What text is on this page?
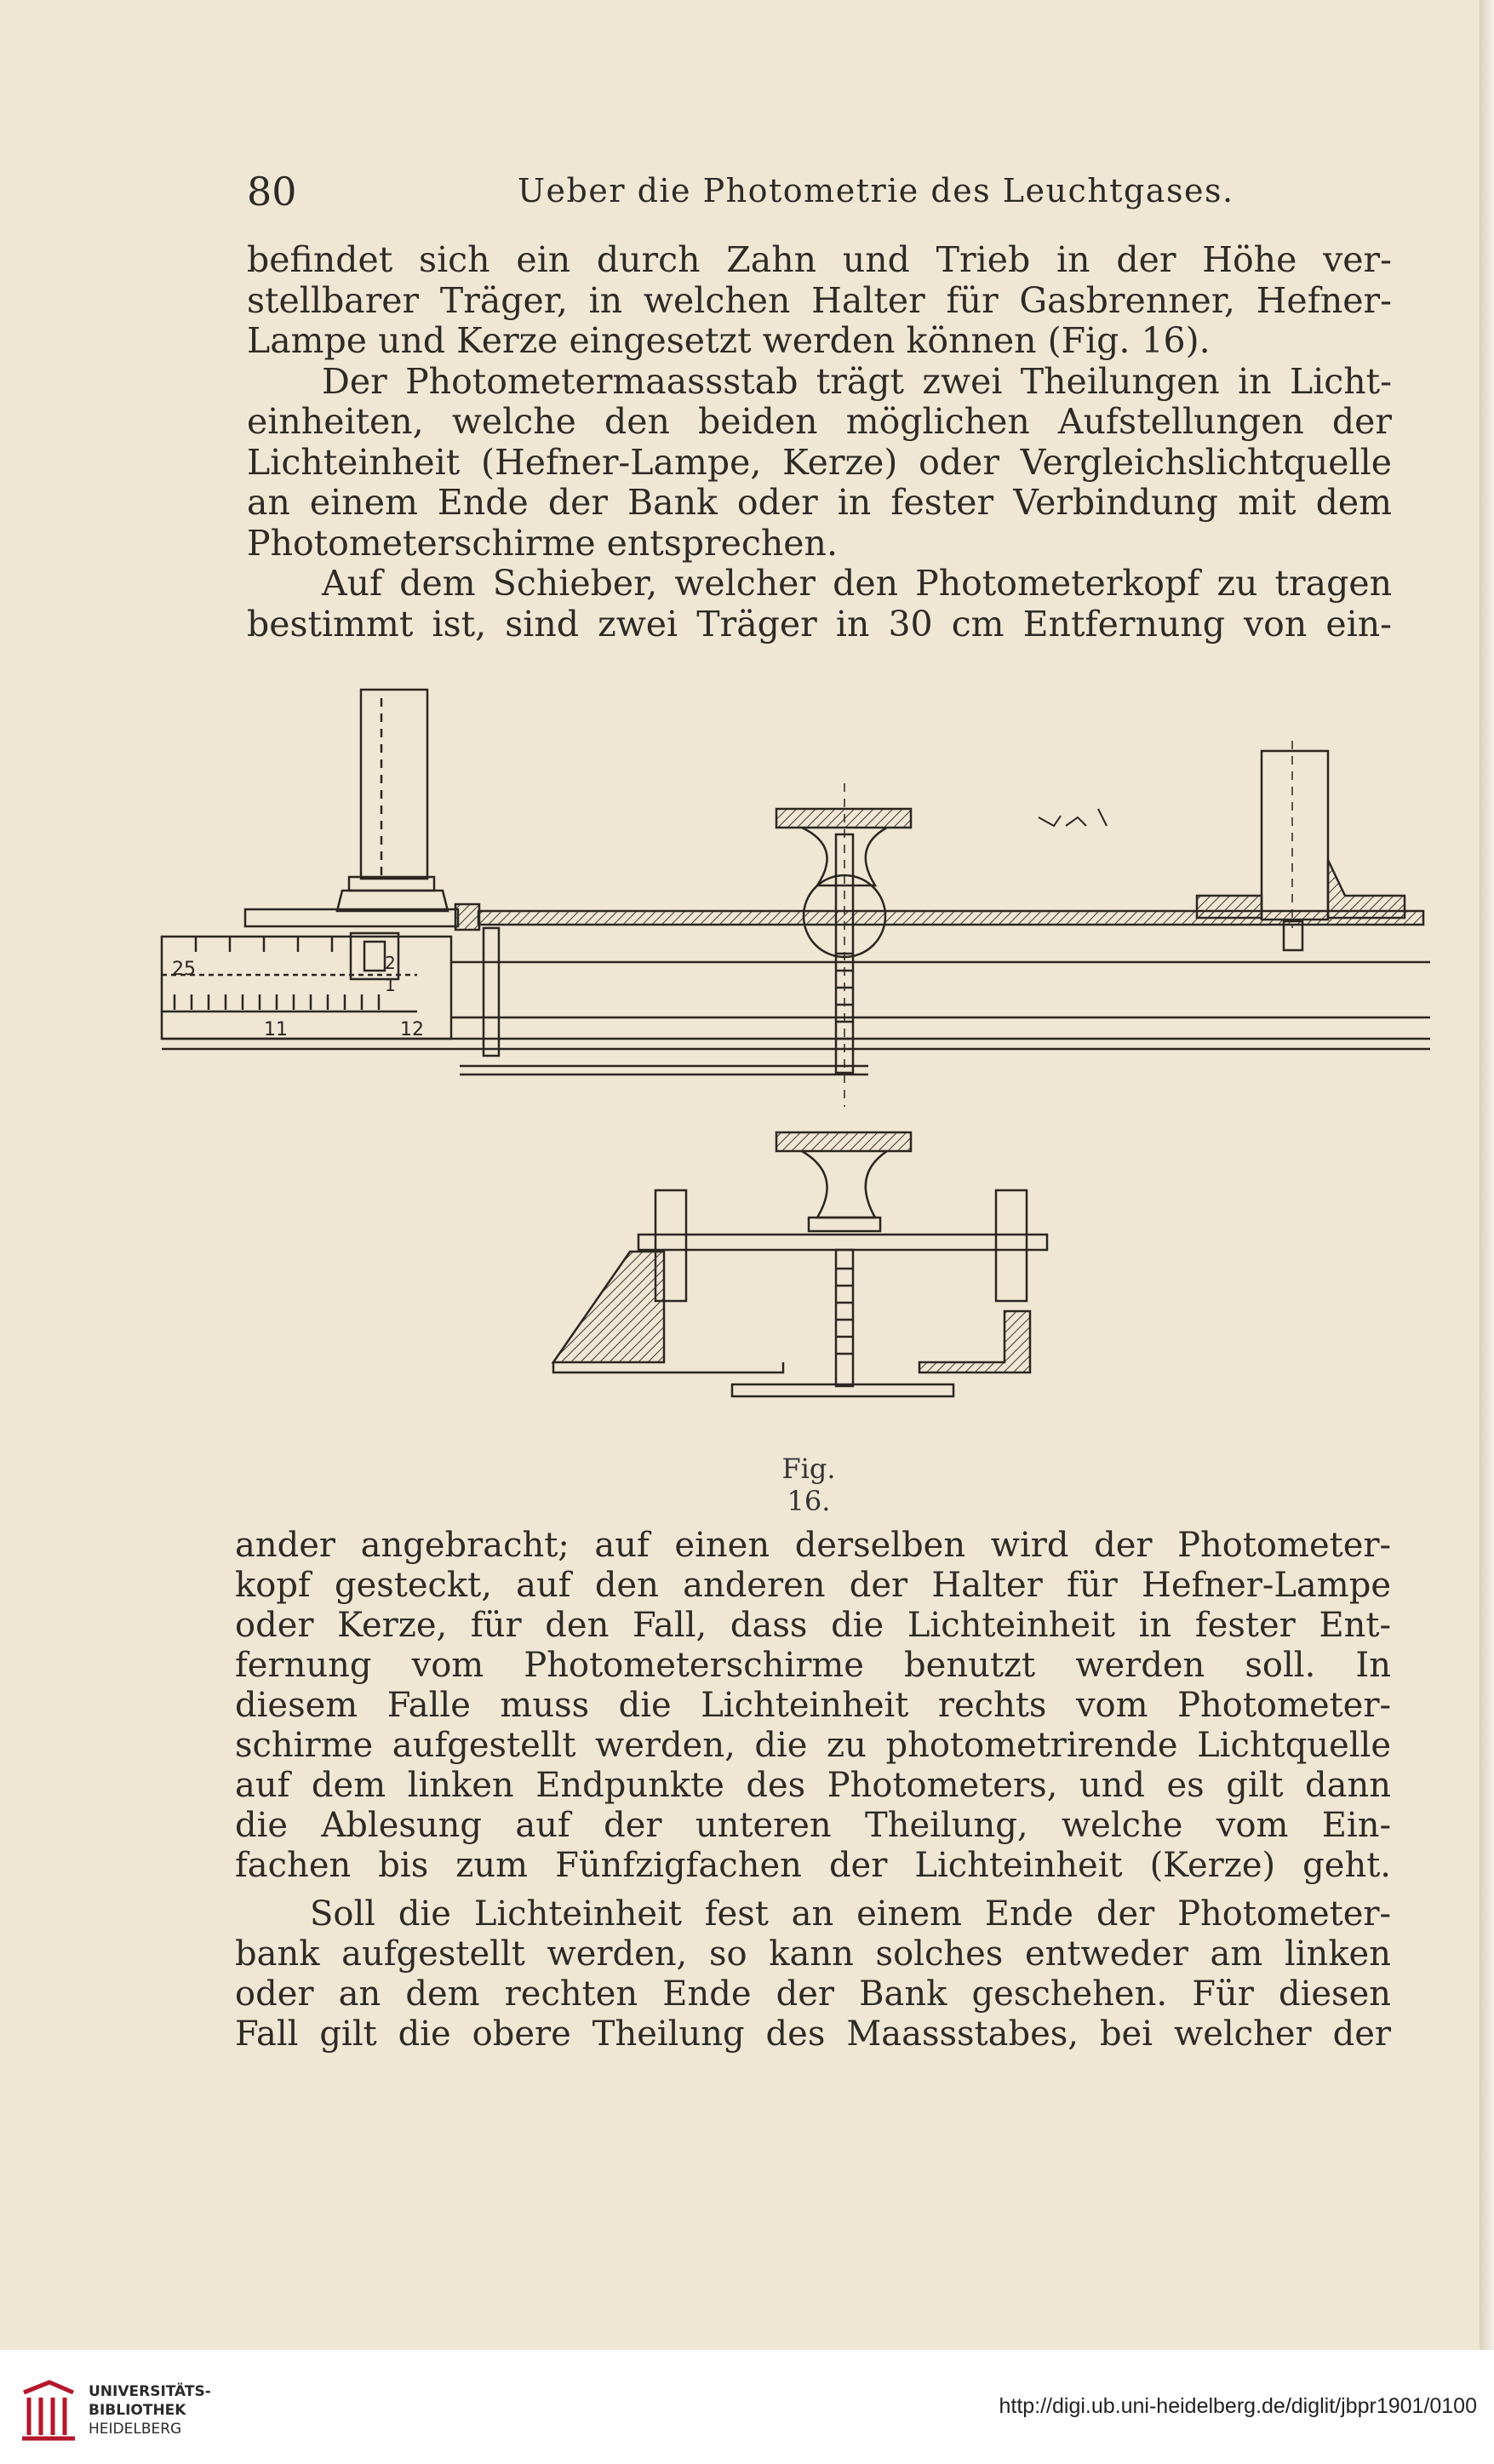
80	Ueber die Photometrie des Leuchtgases.

befindet sich ein durch Zahn und Trieb in der Höhe ver-

stellbarer Träger, in welchen Halter für Gasbrenner, Hefner-

Lampe und Kerze eingesetzt werden können (Fig. 16).

Der Photometermaassstab trägt zwei Theilungen in Licht-

einheiten, welche den beiden möglichen Aufstellungen der

Lichteinheit (Hefner-Lampe, Kerze) oder Vergleichslichtquelle

an einem Ende der Bank oder in fester Verbindung mit dem

Photometerschirme entsprechen.

Auf dem Schieber, welcher den Photometerkopf zu tragen

bestimmt ist, sind zwei Träger in 30 cm Entfernung von ein-

25	2
1
11	12
Fig. 16.

ander angebracht; auf einen derselben wird der Photometer-

kopf gesteckt, auf den anderen der Halter für Hefner-Lampe

oder Kerze, für den Fall, dass die Lichteinheit in fester Ent-

fernung vom Photometerschirme benutzt werden soll. In

diesem Falle muss die Lichteinheit rechts vom Photometer-

schirme aufgestellt werden, die zu photometrirende Lichtquelle

auf dem linken Endpunkte des Photometers, und es gilt dann

die Ablesung auf der unteren Theilung, welche vom Ein-

fachen bis zum Fünfzigfachen der Lichteinheit (Kerze) geht.

Soll die Lichteinheit fest an einem Ende der Photometer-

bank aufgestellt werden, so kann solches entweder am linken

oder an dem rechten Ende der Bank geschehen. Für diesen

Fall gilt die obere Theilung des Maassstabes, bei welcher der

UNIVERSITÄTS-
BIBLIOTHEK
HEIDELBERG
http://digi.ub.uni-heidelberg.de/diglit/jbpr1901/0100
